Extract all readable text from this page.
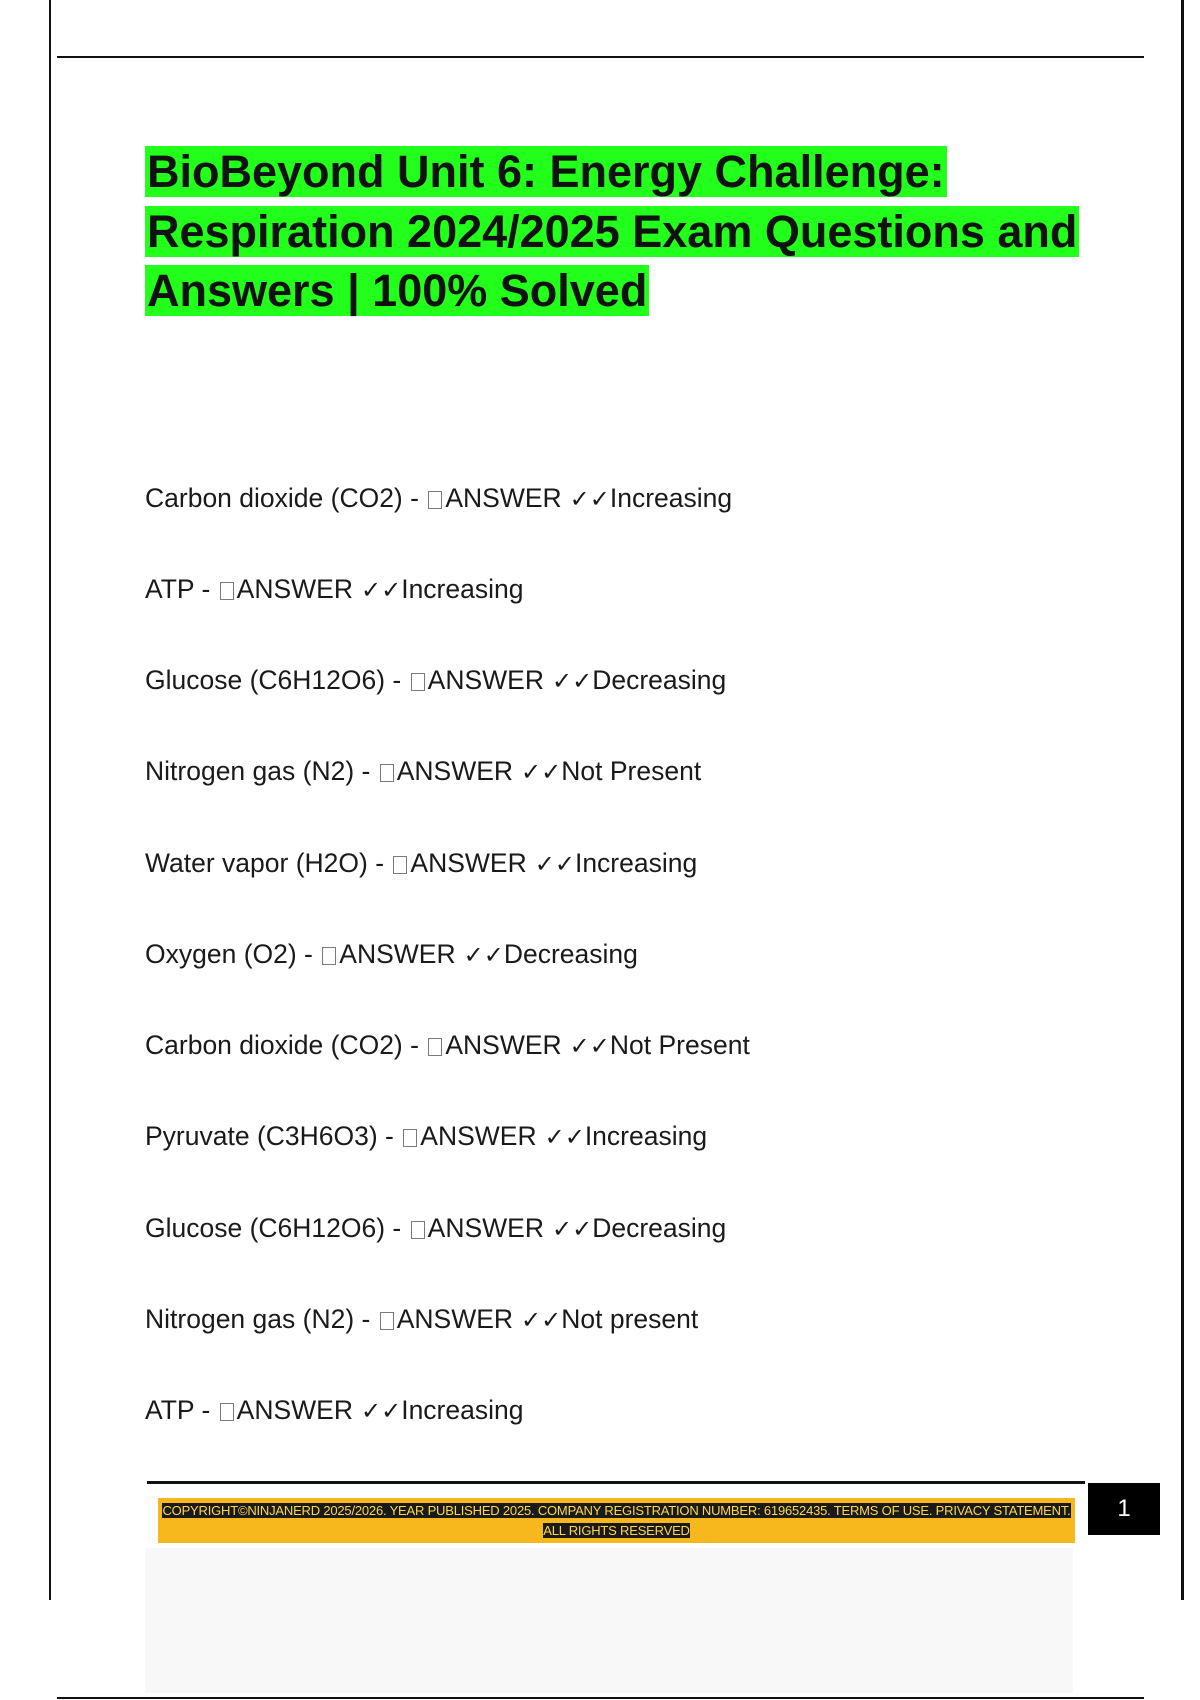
BioBeyond Unit 6: Energy Challenge: Respiration 2024/2025 Exam Questions and Answers | 100% Solved
Carbon dioxide (CO2) - ANSWER ✓✓Increasing
ATP - ANSWER ✓✓Increasing
Glucose (C6H12O6) - ANSWER ✓✓Decreasing
Nitrogen gas (N2) - ANSWER ✓✓Not Present
Water vapor (H2O) - ANSWER ✓✓Increasing
Oxygen (O2) - ANSWER ✓✓Decreasing
Carbon dioxide (CO2) - ANSWER ✓✓Not Present
Pyruvate (C3H6O3) - ANSWER ✓✓Increasing
Glucose (C6H12O6) - ANSWER ✓✓Decreasing
Nitrogen gas (N2) - ANSWER ✓✓Not present
ATP - ANSWER ✓✓Increasing
COPYRIGHT©NINJANERD 2025/2026. YEAR PUBLISHED 2025. COMPANY REGISTRATION NUMBER: 619652435. TERMS OF USE. PRIVACY STATEMENT. ALL RIGHTS RESERVED
1
